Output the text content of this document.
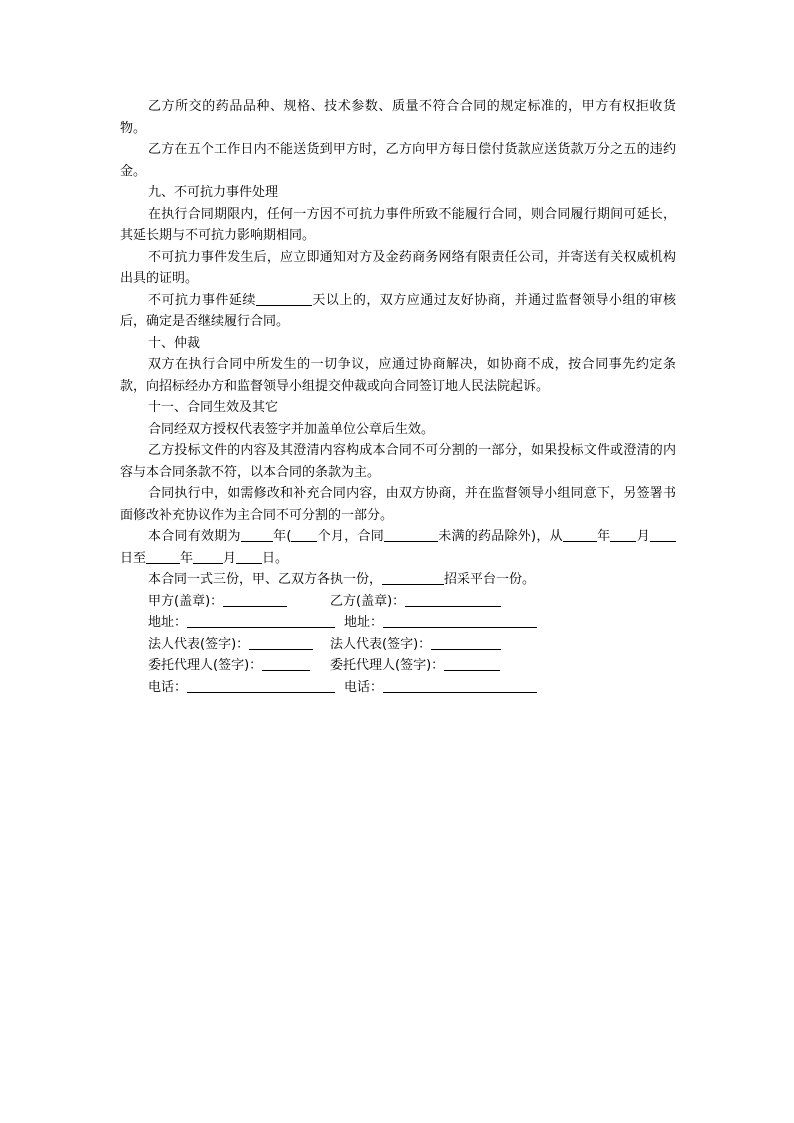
乙方所交的药品品种、规格、技术参数、质量不符合合同的规定标准的，甲方有权拒收货物。

乙方在五个工作日内不能送货到甲方时，乙方向甲方每日偿付货款应送货款万分之五的违约金。

九、不可抗力事件处理

在执行合同期限内，任何一方因不可抗力事件所致不能履行合同，则合同履行期间可延长，其延长期与不可抗力影响期相同。

不可抗力事件发生后，应立即通知对方及金药商务网络有限责任公司，并寄送有关权威机构出具的证明。

不可抗力事件延续	天以上的，双方应通过友好协商，并通过监督领导小组的审核后，确定是否继续履行合同。

十、仲裁

双方在执行合同中所发生的一切争议，应通过协商解决，如协商不成，按合同事先约定条款，向招标经办方和监督领导小组提交仲裁或向合同签订地人民法院起诉。

十一、合同生效及其它

合同经双方授权代表签字并加盖单位公章后生效。

乙方投标文件的内容及其澄清内容构成本合同不可分割的一部分，如果投标文件或澄清的内容与本合同条款不符，以本合同的条款为主。

合同执行中，如需修改和补充合同内容，由双方协商，并在监督领导小组同意下，另签署书面修改补充协议作为主合同不可分割的一部分。

本合同有效期为 年( 个月，合同	未满的药品除外)，从	年 月日至	年 月 日。

本合同一式三份，甲、乙双方各执一份，	招采平台一份。

甲方(盖章)：	乙方(盖章)：
地址：	地址：
法人代表(签字)：	法人代表(签字)：
委托代理人(签字)：	委托代理人(签字)：
电话：	电话：
